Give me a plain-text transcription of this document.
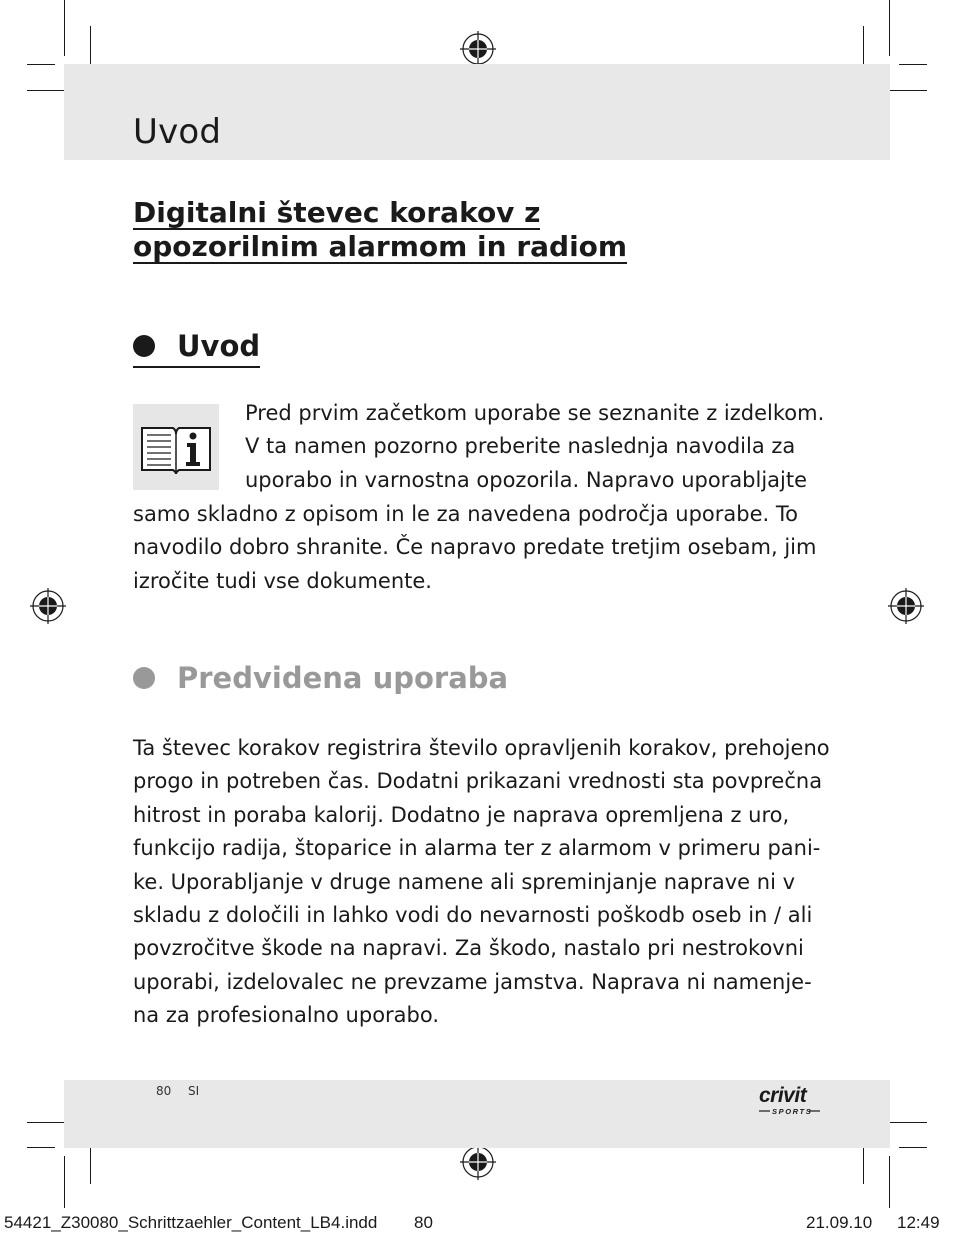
Uvod
Digitalni števec korakov z
opozorilnim alarmom in radiom
Uvod
Pred prvim začetkom uporabe se seznanite z izdelkom.
V ta namen pozorno preberite naslednja navodila za
uporabo in varnostna opozorila. Napravo uporabljajte
samo skladno z opisom in le za navedena področja uporabe. To
navodilo dobro shranite. Če napravo predate tretjim osebam, jim
izročite tudi vse dokumente.
Predvidena uporaba
Ta števec korakov registrira število opravljenih korakov, prehojeno
progo in potreben čas. Dodatni prikazani vrednosti sta povprečna
hitrost in poraba kalorij. Dodatno je naprava opremljena z uro,
funkcijo radija, štoparice in alarma ter z alarmom v primeru pani-
ke. Uporabljanje v druge namene ali spreminjanje naprave ni v
skladu z določili in lahko vodi do nevarnosti poškodb oseb in / ali
povzročitve škode na napravi. Za škodo, nastalo pri nestrokovni
uporabi, izdelovalec ne prevzame jamstva. Naprava ni namenje-
na za profesionalno uporabo.
80 SI	crivit
SPORTS
54421_Z30080_Schrittzaehler_Content_LB4.indd 80	21.09.10 12:49
